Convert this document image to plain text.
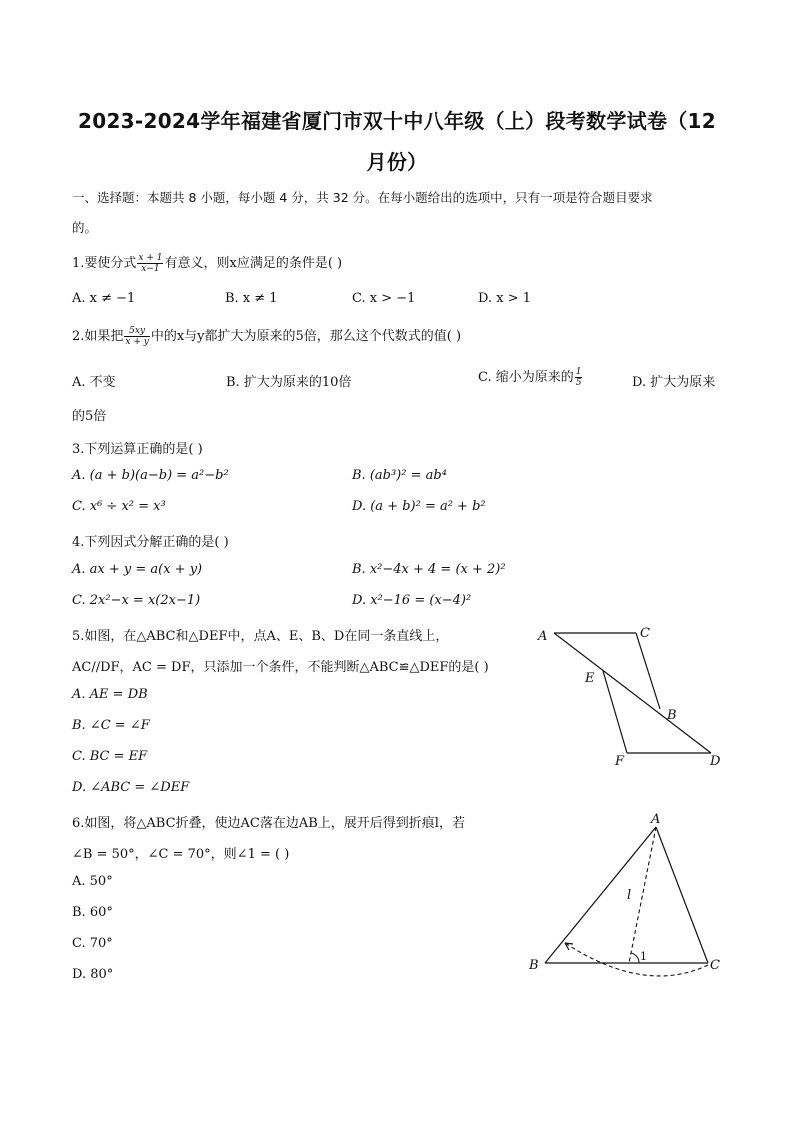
2023-2024学年福建省厦门市双十中八年级（上）段考数学试卷（12
月份）
一、选择题：本题共 8 小题，每小题 4 分，共 32 分。在每小题给出的选项中，只有一项是符合题目要求
的。
1.要使分式 $\frac{x + 1}{x-1}$ 有意义，则x应满足的条件是( )
A. x ≠ −1	B. x ≠ 1	C. x > −1	D. x > 1
2.如果把 $\frac{5xy}{x + y}$ 中的x与y都扩大为原来的5倍，那么这个代数式的值( )
A. 不变	B. 扩大为原来的10倍	C. 缩小为原来的 $\frac{1}{5}$	D. 扩大为原来
的5倍
3.下列运算正确的是( )
A. (a + b)(a−b) = a²−b²	B. (ab³)² = ab⁴
C. x⁶ ÷ x² = x³	D. (a + b)² = a² + b²
4.下列因式分解正确的是( )
A. ax + y = a(x + y)	B. x²−4x + 4 = (x + 2)²
C. 2x²−x = x(2x−1)	D. x²−16 = (x−4)²
5.如图，在△ABC和△DEF中，点A、E、B、D在同一条直线上，
AC//DF，AC = DF，只添加一个条件，不能判断△ABC≌△DEF的是( )
A. AE = DB
B. ∠C = ∠F
C. BC = EF
D. ∠ABC = ∠DEF
A	C
E
B
F	D
6.如图，将△ABC折叠，使边AC落在边AB上，展开后得到折痕l，若
∠B = 50°，∠C = 70°，则∠1 = ( )
A. 50°
B. 60°
C. 70°
D. 80°
A
B	C
l
1
